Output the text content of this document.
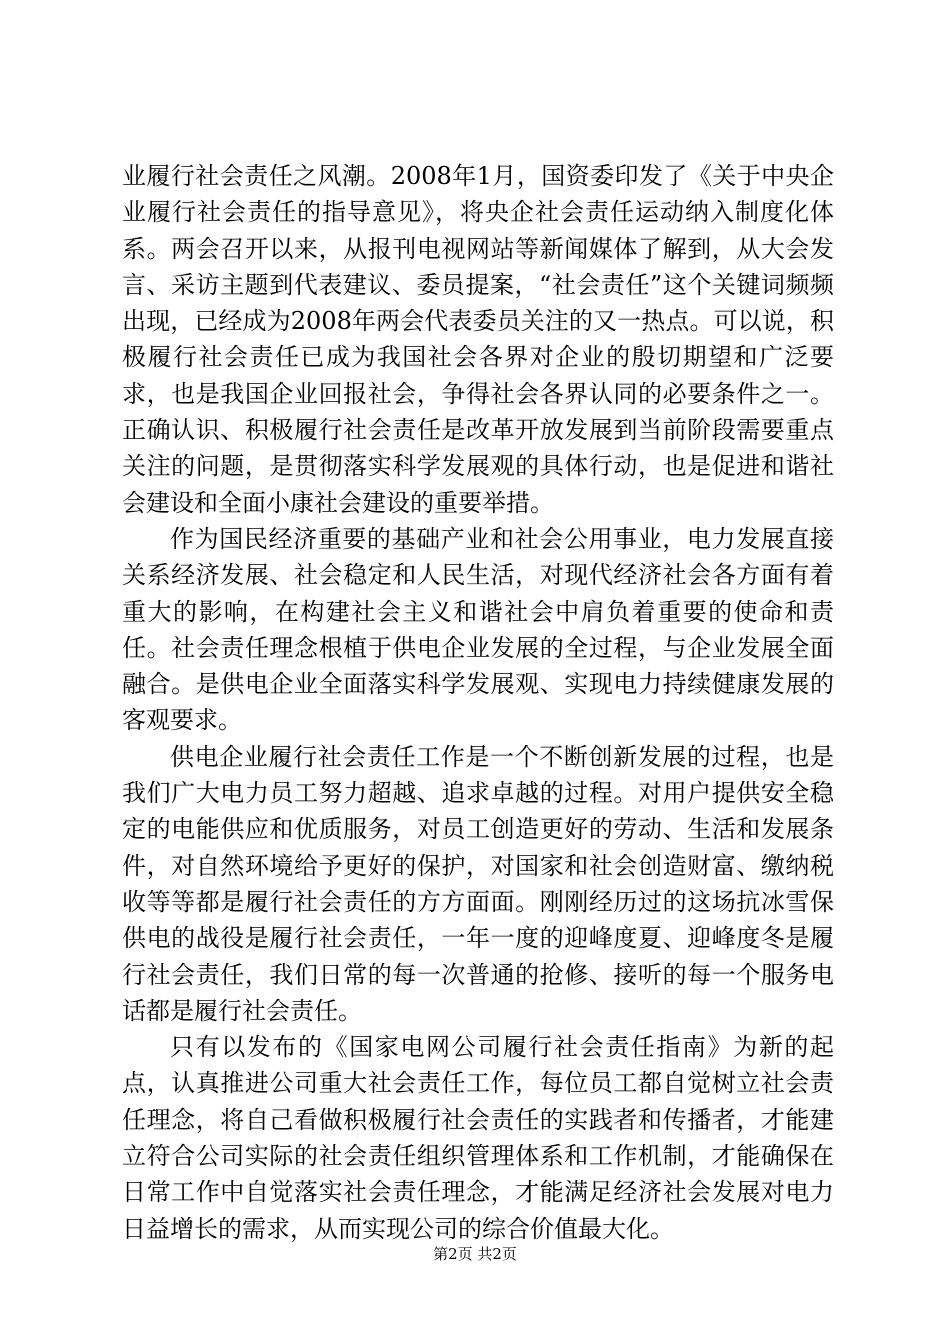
业履行社会责任之风潮。2008年1月，国资委印发了《关于中央企业履行社会责任的指导意见》，将央企社会责任运动纳入制度化体系。两会召开以来，从报刊电视网站等新闻媒体了解到，从大会发言、采访主题到代表建议、委员提案，“社会责任”这个关键词频频出现，已经成为2008年两会代表委员关注的又一热点。可以说，积极履行社会责任已成为我国社会各界对企业的殷切期望和广泛要求，也是我国企业回报社会，争得社会各界认同的必要条件之一。正确认识、积极履行社会责任是改革开放发展到当前阶段需要重点关注的问题，是贯彻落实科学发展观的具体行动，也是促进和谐社会建设和全面小康社会建设的重要举措。

作为国民经济重要的基础产业和社会公用事业，电力发展直接关系经济发展、社会稳定和人民生活，对现代经济社会各方面有着重大的影响，在构建社会主义和谐社会中肩负着重要的使命和责任。社会责任理念根植于供电企业发展的全过程，与企业发展全面融合。是供电企业全面落实科学发展观、实现电力持续健康发展的客观要求。

供电企业履行社会责任工作是一个不断创新发展的过程，也是我们广大电力员工努力超越、追求卓越的过程。对用户提供安全稳定的电能供应和优质服务，对员工创造更好的劳动、生活和发展条件，对自然环境给予更好的保护，对国家和社会创造财富、缴纳税收等等都是履行社会责任的方方面面。刚刚经历过的这场抗冰雪保供电的战役是履行社会责任，一年一度的迎峰度夏、迎峰度冬是履行社会责任，我们日常的每一次普通的抢修、接听的每一个服务电话都是履行社会责任。

只有以发布的《国家电网公司履行社会责任指南》为新的起点，认真推进公司重大社会责任工作，每位员工都自觉树立社会责任理念，将自己看做积极履行社会责任的实践者和传播者，才能建立符合公司实际的社会责任组织管理体系和工作机制，才能确保在日常工作中自觉落实社会责任理念，才能满足经济社会发展对电力日益增长的需求，从而实现公司的综合价值最大化。

第2页 共2页
